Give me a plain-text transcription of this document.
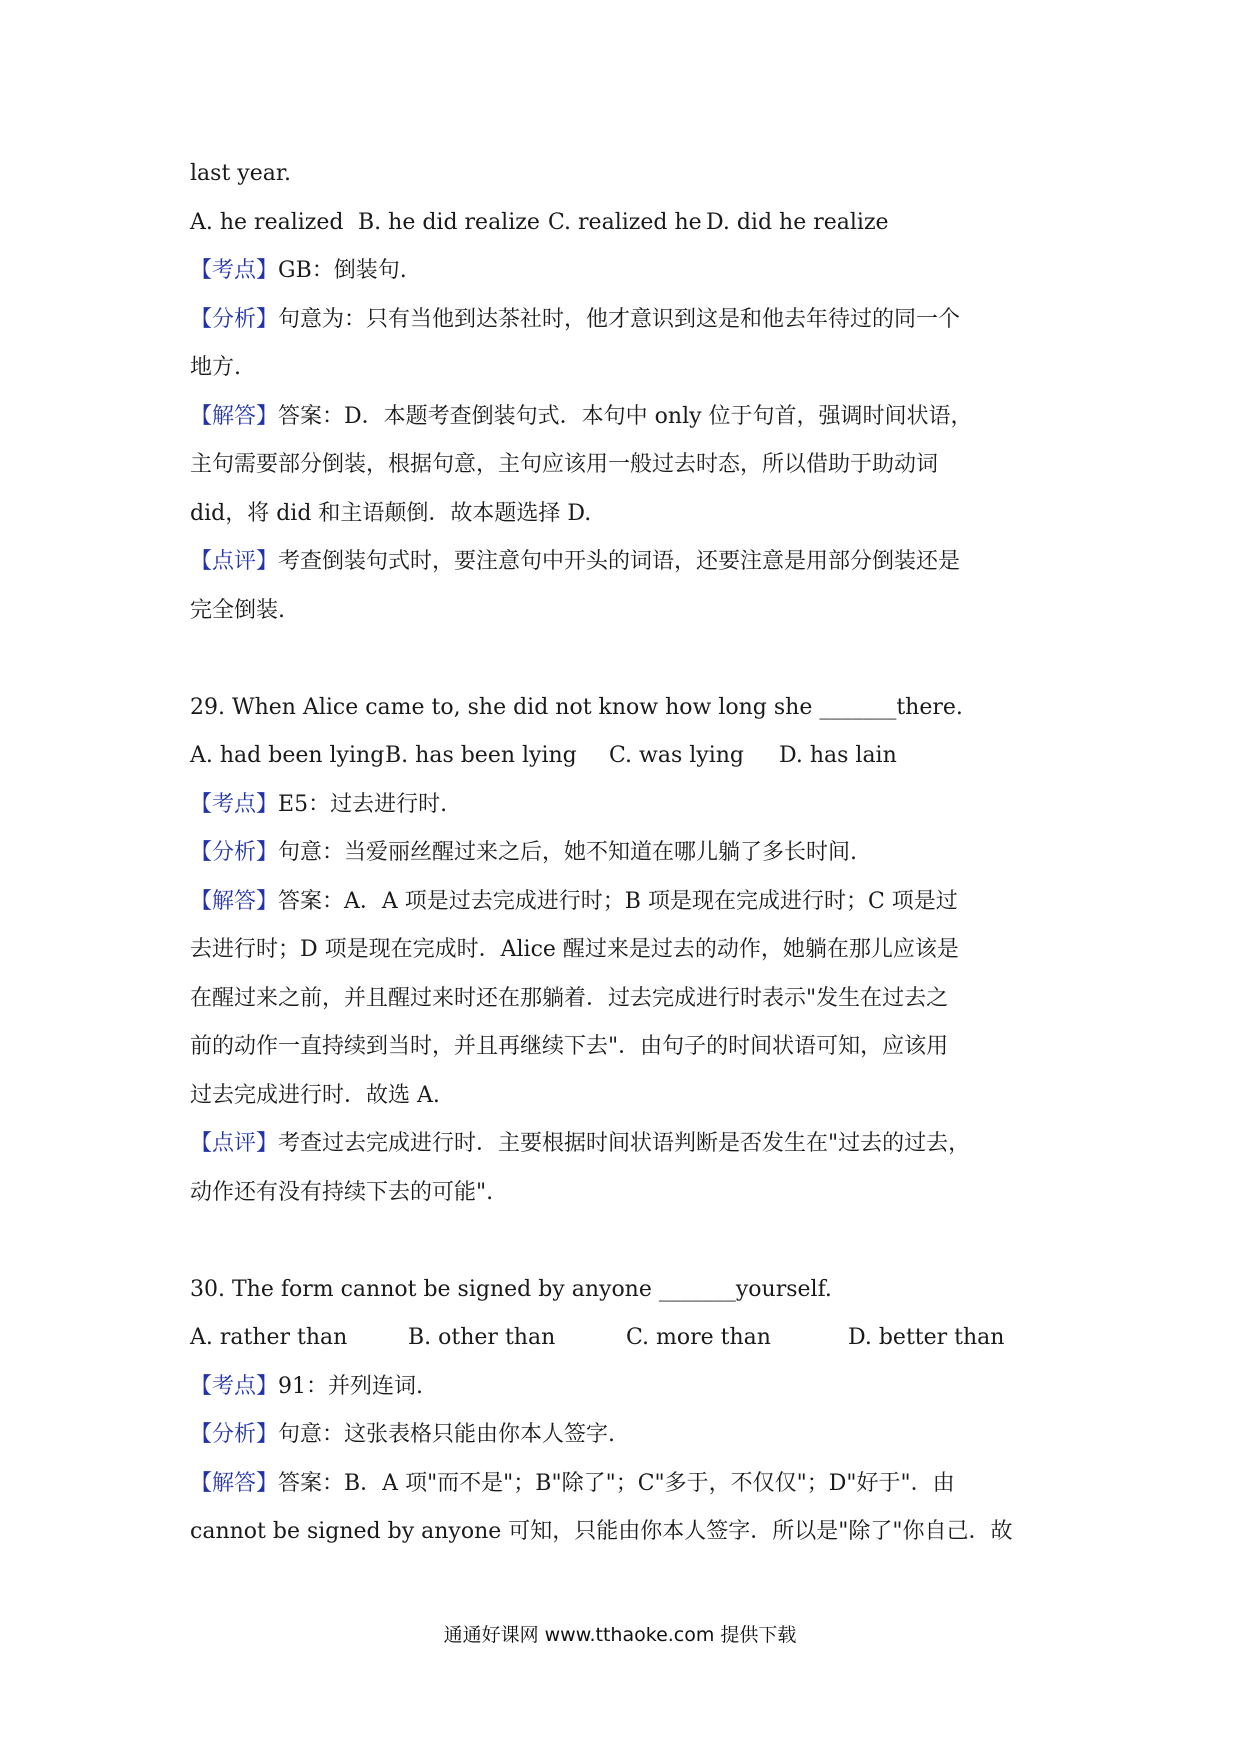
last year.
A. he realized B. he did realize C. realized he D. did he realize
【考点】GB：倒装句.
【分析】句意为：只有当他到达茶社时，他才意识到这是和他去年待过的同一个
地方.
【解答】答案：D．本题考查倒装句式．本句中 only 位于句首，强调时间状语，
主句需要部分倒装，根据句意，主句应该用一般过去时态，所以借助于助动词
did，将 did 和主语颠倒．故本题选择 D.
【点评】考查倒装句式时，要注意句中开头的词语，还要注意是用部分倒装还是
完全倒装.
29. When Alice came to, she did not know how long she _______there.
A. had been lyingB. has been lying C. was lying D. has lain
【考点】E5：过去进行时.
【分析】句意：当爱丽丝醒过来之后，她不知道在哪儿躺了多长时间.
【解答】答案：A．A 项是过去完成进行时；B 项是现在完成进行时；C 项是过
去进行时；D 项是现在完成时．Alice 醒过来是过去的动作，她躺在那儿应该是
在醒过来之前，并且醒过来时还在那躺着．过去完成进行时表示"发生在过去之
前的动作一直持续到当时，并且再继续下去"．由句子的时间状语可知，应该用
过去完成进行时．故选 A.
【点评】考查过去完成进行时．主要根据时间状语判断是否发生在"过去的过去，
动作还有没有持续下去的可能".
30. The form cannot be signed by anyone _______yourself.
A. rather than	B. other than	C. more than	D. better than
【考点】91：并列连词.
【分析】句意：这张表格只能由你本人签字.
【解答】答案：B．A 项"而不是"；B"除了"；C"多于，不仅仅"；D"好于"．由
cannot be signed by anyone 可知，只能由你本人签字．所以是"除了"你自己．故
通通好课网 www.tthaoke.com 提供下载
